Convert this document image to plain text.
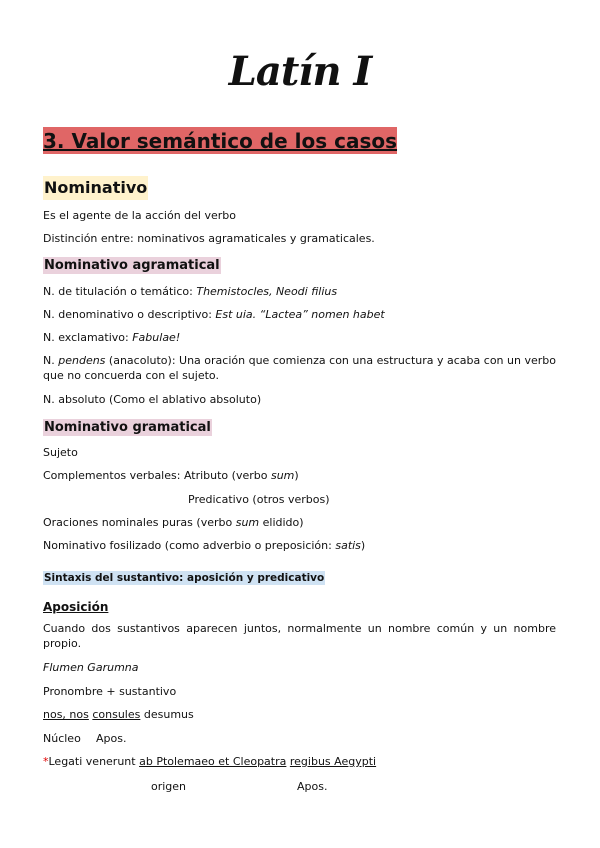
Latín I
3. Valor semántico de los casos
Nominativo
Es el agente de la acción del verbo
Distinción entre: nominativos agramaticales y gramaticales.
Nominativo agramatical
N. de titulación o temático: Themistocles, Neodi filius
N. denominativo o descriptivo: Est uia. “Lactea” nomen habet
N. exclamativo: Fabulae!
N. pendens (anacoluto): Una oración que comienza con una estructura y acaba con un verbo que no concuerda con el sujeto.
N. absoluto (Como el ablativo absoluto)
Nominativo gramatical
Sujeto
Complementos verbales: Atributo (verbo sum)
Predicativo (otros verbos)
Oraciones nominales puras (verbo sum elidido)
Nominativo fosilizado (como adverbio o preposición: satis)
Sintaxis del sustantivo: aposición y predicativo
Aposición
Cuando dos sustantivos aparecen juntos, normalmente un nombre común y un nombre propio.
Flumen Garumna
Pronombre + sustantivo
nos, nos consules desumus
Núcleo Apos.
*Legati venerunt ab Ptolemaeo et Cleopatra regibus Aegypti
origen	Apos.
